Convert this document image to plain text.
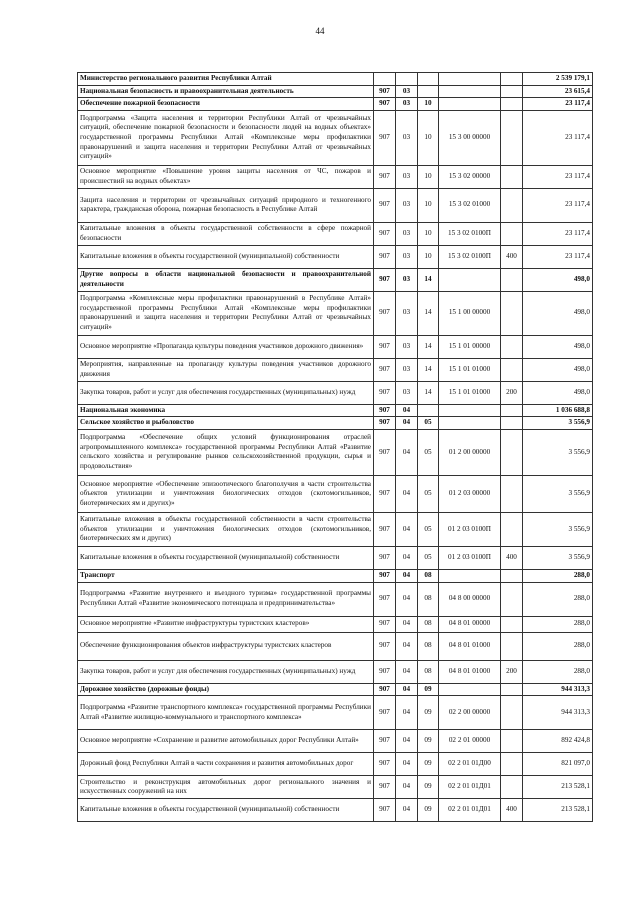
44
Министерство регионального развития Республики Алтай						2 539 179,1
Национальная безопасность и правоохранительная деятельность	907	03				23 615,4
Обеспечение пожарной безопасности	907	03	10			23 117,4
Подпрограмма «Защита населения и территории Республики Алтай от чрезвычайных ситуаций, обеспечение пожарной безопасности и безопасности людей на водных объектах» государственной программы Республики Алтай «Комплексные меры профилактики правонарушений и защита населения и территории Республики Алтай от чрезвычайных ситуаций»	907	03	10	15 3 00 00000		23 117,4
Основное мероприятие «Повышение уровня защиты населения от ЧС, пожаров и происшествий на водных объектах»	907	03	10	15 3 02 00000		23 117,4
Защита населения и территории от чрезвычайных ситуаций природного и техногенного характера, гражданская оборона, пожарная безопасность в Республике Алтай	907	03	10	15 3 02 01000		23 117,4
Капитальные вложения в объекты государственной собственности в сфере пожарной безопасности	907	03	10	15 3 02 0100П		23 117,4
Капитальные вложения в объекты государственной (муниципальной) собственности	907	03	10	15 3 02 0100П	400	23 117,4
Другие вопросы в области национальной безопасности и правоохранительной деятельности	907	03	14			498,0
Подпрограмма «Комплексные меры профилактики правонарушений в Республике Алтай» государственной программы Республики Алтай «Комплексные меры профилактики правонарушений и защита населения и территории Республики Алтай от чрезвычайных ситуаций»	907	03	14	15 1 00 00000		498,0
Основное мероприятие «Пропаганда культуры поведения участников дорожного движения»	907	03	14	15 1 01 00000		498,0
Мероприятия, направленные на пропаганду культуры поведения участников дорожного движения	907	03	14	15 1 01 01000		498,0
Закупка товаров, работ и услуг для обеспечения государственных (муниципальных) нужд	907	03	14	15 1 01 01000	200	498,0
Национальная экономика	907	04				1 036 688,8
Сельское хозяйство и рыболовство	907	04	05			3 556,9
Подпрограмма «Обеспечение общих условий функционирования отраслей агропромышленного комплекса» государственной программы Республики Алтай «Развитие сельского хозяйства и регулирование рынков сельскохозяйственной продукции, сырья и продовольствия»	907	04	05	01 2 00 00000		3 556,9
Основное мероприятие «Обеспечение эпизоотического благополучия в части строительства объектов утилизации и уничтожения биологических отходов (скотомогильников, биотермических ям и других)»	907	04	05	01 2 03 00000		3 556,9
Капитальные вложения в объекты государственной собственности в части строительства объектов утилизации и уничтожения биологических отходов (скотомогильников, биотермических ям и других)	907	04	05	01 2 03 0100П		3 556,9
Капитальные вложения в объекты государственной (муниципальной) собственности	907	04	05	01 2 03 0100П	400	3 556,9
Транспорт	907	04	08			288,0
Подпрограмма «Развитие внутреннего и въездного туризма» государственной программы Республики Алтай «Развитие экономического потенциала и предпринимательства»	907	04	08	04 8 00 00000		288,0
Основное мероприятие «Развитие инфраструктуры туристских кластеров»	907	04	08	04 8 01 00000		288,0
Обеспечение функционирования объектов инфраструктуры туристских кластеров	907	04	08	04 8 01 01000		288,0
Закупка товаров, работ и услуг для обеспечения государственных (муниципальных) нужд	907	04	08	04 8 01 01000	200	288,0
Дорожное хозяйство (дорожные фонды)	907	04	09			944 313,3
Подпрограмма «Развитие транспортного комплекса» государственной программы Республики Алтай «Развитие жилищно-коммунального и транспортного комплекса»	907	04	09	02 2 00 00000		944 313,3
Основное мероприятие «Сохранение и развитие автомобильных дорог Республики Алтай»	907	04	09	02 2 01 00000		892 424,8
Дорожный фонд Республики Алтай в части сохранения и развития автомобильных дорог	907	04	09	02 2 01 01Д00		821 097,0
Строительство и реконструкция автомобильных дорог регионального значения и искусственных сооружений на них	907	04	09	02 2 01 01Д01		213 528,1
Капитальные вложения в объекты государственной (муниципальной) собственности	907	04	09	02 2 01 01Д01	400	213 528,1
